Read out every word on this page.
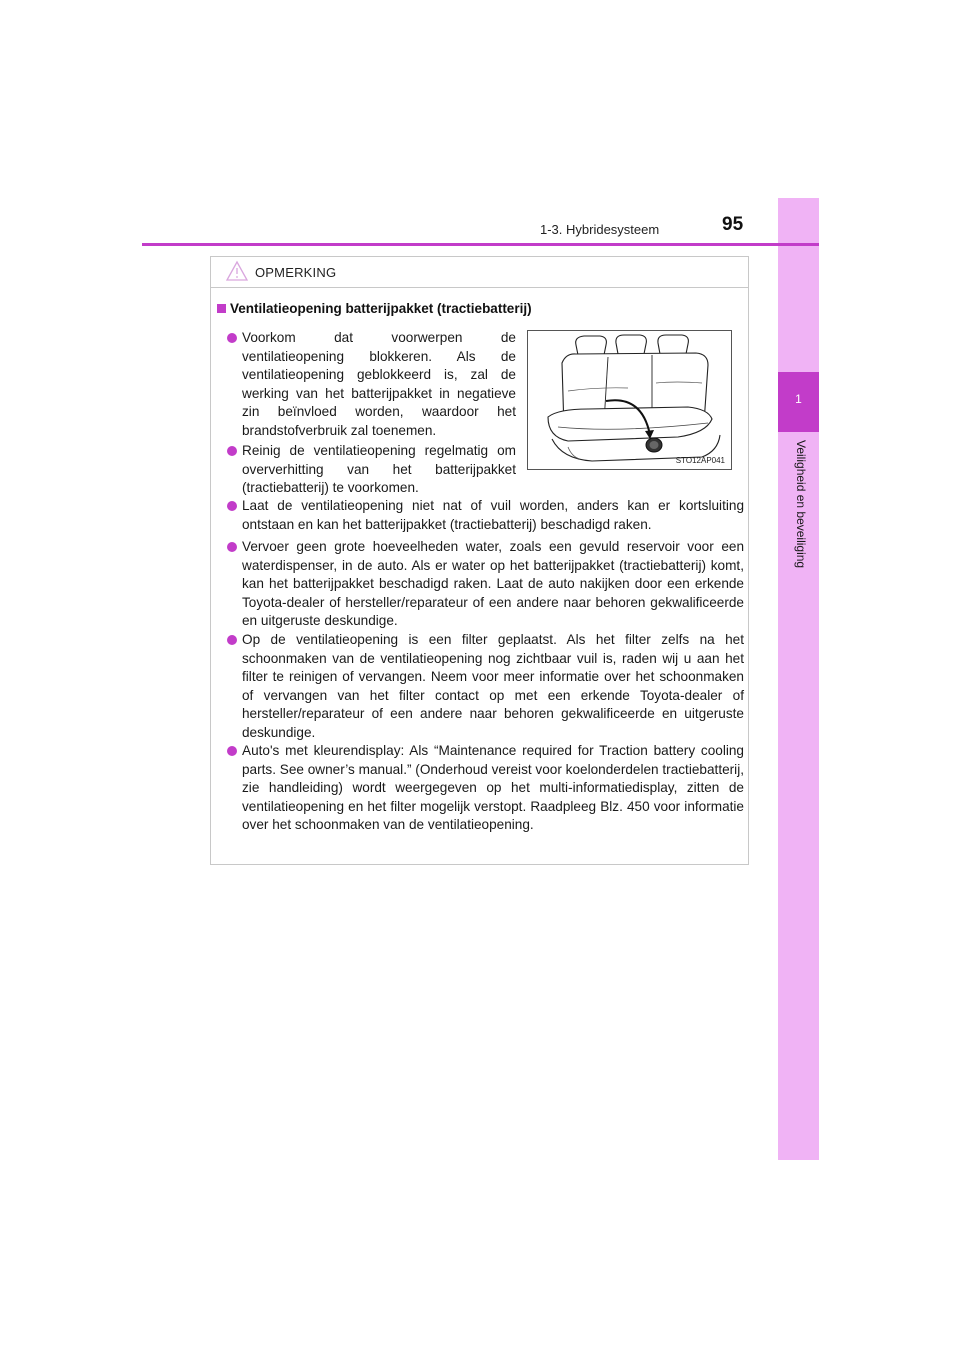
1
Veiligheid en beveiliging
1-3. Hybridesysteem	95
OPMERKING
Ventilatieopening batterijpakket (tractiebatterij)
Voorkom dat voorwerpen de ventilatieopening blokkeren. Als de ventilatieopening geblokkeerd is, zal de werking van het batterijpakket in negatieve zin beïnvloed worden, waardoor het brandstofverbruik zal toenemen.
Reinig de ventilatieopening regelmatig om oververhitting van het batterijpakket (tractiebatterij) te voorkomen.
STO12AP041
Laat de ventilatieopening niet nat of vuil worden, anders kan er kortsluiting ontstaan en kan het batterijpakket (tractiebatterij) beschadigd raken.
Vervoer geen grote hoeveelheden water, zoals een gevuld reservoir voor een waterdispenser, in de auto. Als er water op het batterijpakket (tractiebatterij) komt, kan het batterijpakket beschadigd raken. Laat de auto nakijken door een erkende Toyota-dealer of hersteller/reparateur of een andere naar behoren gekwalificeerde en uitgeruste deskundige.
Op de ventilatieopening is een filter geplaatst. Als het filter zelfs na het schoonmaken van de ventilatieopening nog zichtbaar vuil is, raden wij u aan het filter te reinigen of vervangen. Neem voor meer informatie over het schoonmaken of vervangen van het filter contact op met een erkende Toyota-dealer of hersteller/reparateur of een andere naar behoren gekwalificeerde en uitgeruste deskundige.
Auto's met kleurendisplay: Als “Maintenance required for Traction battery cooling parts. See owner’s manual.” (Onderhoud vereist voor koelonderdelen tractiebatterij, zie handleiding) wordt weergegeven op het multi-informatiedisplay, zitten de ventilatieopening en het filter mogelijk verstopt. Raadpleeg Blz. 450 voor informatie over het schoonmaken van de ventilatieopening.
